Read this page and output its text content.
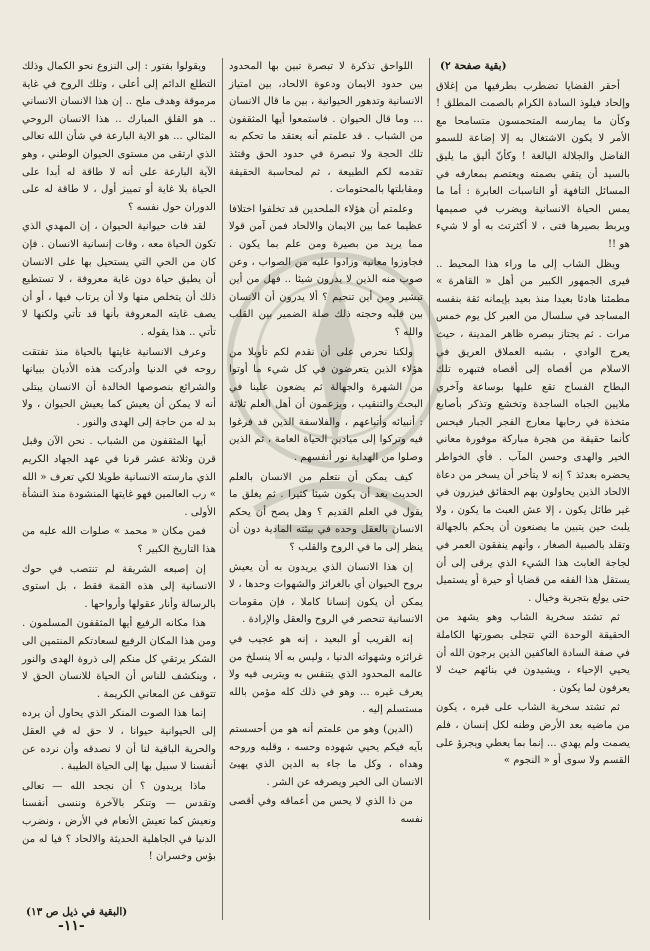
(بقية صفحة ٢)

أحقر القضايا تضطرب بطرفيها من إغلاق وإلحاد فيلوذ السادة الكرام بالصمت المطلق ! وكأن ما يمارسه المتحمسون متسامحا مع الأمر لا يكون الاشتغال به إلا إضاعة للسمو الفاضل والجلالة البالغة ! وكأنّ أليق ما يليق بالسيد أن يتقي بصمته ويعتصم بمعارفه في المسائل التافهة أو الناسبات العابرة : أما ما يمس الحياة الانسانية ويضرب في صميمها ويربط بصيرها فتى ، لا أكثرتث به أو لا شيء هو !!

ويظل الشاب إلى ما وراء هذا المحيط .. فيرى الجمهور الكبير من أهل « القاهرة » مطمئنا هادئا بعيدا منذ بعيد بإيمانه ثقة بنفسه المساجد في سلسال من العبر كل يوم خمس مرات . ثم يجتاز ببصره ظاهر المدينة ، حيث يعرج الوادي ، بشبه العملاق العريق في الاسلام من أقصاه إلى أقصاه فتبهره تلك البطاح الفساح تقع عليها بوساعة وآخري ملايين الجباه الساجدة وتخشع وتذكر بأصابع متخذة في رحابها معارج الفجر الجبار فيحس كأنما حقيقة من هجرة مباركة موفورة معاني الخير والهدى وحسن المآب . فأي الخواطر يحضره بعدئذ ؟ إنه لا يتأخر أن يسخر من دعاة الالحاد الذين يحاولون بهم الحقائق فيزرون في غير طائل يكون ، إلا عش العبث ما يكون ، ولا يلبث حين يتبين ما يصنعون أن يحكم بالجهالة وتقلد بالصبية الصغار ، وأنهم ينفقون العمر في لجاجة العابث هذا الشيء الذي يرقى إلى أن يستقل هذا الفقه من قضايا أو حيرة أو يستميل حتى يولع بتجربة وخيال .

ثم تشتد سخرية الشاب وهو يشهد من الحقيقة الوحدة التي تتجلى بصورتها الكاملة في صفة السادة العاكفين الذين يرجون الله أن يحيي الإحياء ، ويشيدون في بنائهم حيث لا يعرفون لما يكون .

ثم تشتد سخرية الشاب على قبره ، يكون من ماضيه بعد الأرض وطنه لكل إنسان ، فلم يصمت ولم يهدي ... إنما بما يعطي ويجرؤ على القسم ولا سوى أو « النجوم »

اللواحق تذكرة لا تبصرة تبين بها المحدود بين حدود الايمان ودعوة الالحاد، بين امتياز الانسانية وتدهور الحيوانية ، بين ما قال الانسان ... وما قال الحيوان . فاستمعوا أيها المثقفون من الشباب . قد علمتم أنه يعتقد ما تحكم به تلك الحجة ولا تبصرة في حدود الحق وقتئذ تقدمه لكم الطبيعة ، ثم لمحاسبة الحقيقة ومقابلتها بالمحتومات .

وعلمتم أن هؤلاء الملحدين قد تخلفوا اختلافا عظيما عما بين الايمان والالحاد فمن آمن قولا مما يريد من بصيرة ومن علم بما يكون . فجاوزوا معانيه وزادوا عليه من الصواب ، وعن صوب منه الذين لا يدرون شيئا .. فهل من أين تبشير ومن أين تنجيم ؟ ألا يدرون أن الانسان بين قلبه وحجته ذلك صلة الضمير بين القلب والله ؟

ولكنا نحرص على أن نقدم لكم تأويلا من هؤلاء الذين يتعرضون في كل شيء ما أوتوا من الشهرة والجهالة ثم يضعون علينا في البحث والتنقيب ، ويزعمون أن أهل العلم ثلاثة : أنبيائه وأتباعهم ، والفلاسفة الذين قد فرغوا فيه وتركوا إلى ميادين الحياة العامة ، ثم الذين وصلوا من الهداية نور أنفسهم .

كيف يمكن أن نتعلم من الانسان بالعلم الحديث بعد أن يكون شيئا كثيرا . ثم يغلق ما يقول في العلم القديم ؟ وهل يصح أن يحكم الانسان بالعقل وحده في بيئته المادية دون أن ينظر إلى ما في الروح والقلب ؟

إن هذا الانسان الذي يريدون به أن يعيش بروح الحيوان أي بالغرائز والشهوات وحدها ، لا يمكن أن يكون إنسانا كاملا ، فإن مقومات الانسانية تنحصر في الروح والعقل والإرادة .

إنه القريب أو البعيد ، إنه هو عجيب في غرائزه وشهواته الدنيا ، وليس به ألا ينسلخ من عالمه المحدود الذي يتنفس به ويتربى فيه ولا يعرف غيره ... وهو في ذلك كله مؤمن بالله مستسلم إليه .

(الدين) وهو من علمتم أنه هو من أحسستم بآيه فيكم يحيي شهوده وحسه ، وقلبه وروحه وهداه ، وكل ما جاء به الدين الذي يهيئ الانسان الى الخير ويصرفه عن الشر .

من ذا الذي لا يحس من أعماقه وفي أقصى نفسه

ويقولوا بفتور : إلى النزوع نحو الكمال وذلك التطلع الدائم إلى أعلى ، وتلك الروح في غاية مرموقة وهدف ملح .. إن هذا الانسان الانساني .. هو القلق المبارك .. هذا الانسان الروحي المثالي ... هو الاية البارعة في شأن الله تعالى الذي ارتقى من مستوى الحيوان الوطني ، وهو الآية البارعة على أنه لا طاقة له أبدا على الحياة بلا غاية أو تمييز أول ، لا طاقة له على الدوران حول نفسه ؟

لقد فات حيوانية الحيوان ، إن المهدي الذي تكون الحياة معه ، وقات إنسانية الانسان . فإن كان من الحي التي يستحيل بها على الانسان أن يطيق حياة دون غاية معروفة ، لا تستطيع ذلك أن يتخلص منها ولا أن يرتاب فيها ، أو أن يصف غايته المعروفة بأنها قد تأتي ولكنها لا تأتي .. هذا يقوله .

وعرف الانسانية غايتها بالحياة منذ تفتقت روحه في الدنيا وأدركت هذه الأديان ببيانها والشرائع بنصوصها الخالدة أن الانسان يبتلى أنه لا يمكن أن يعيش كما يعيش الحيوان ، ولا بد له من حاجة إلى الهدى والنور .

أيها المثقفون من الشباب . نحن الآن وقبل قرن وثلاثة عشر قرنا في عهد الجهاد الكريم الذي مارسته الانسانية طويلا لكي تعرف « الله » رب العالمين فهو غايتها المنشودة منذ النشأة الأولى .

فمن مكان « محمد » صلوات الله عليه من هذا التاريخ الكبير ؟

إن إصبعه الشريفة لم تنتصب في حوك الانسانية إلى هذه القمة فقط ، بل استوى بالرسالة وأنار عقولها وأرواحها .

هذا مكانه الرفيع أيها المثقفون المسلمون . ومن هذا المكان الرفيع لسعادتكم المنتمين الى الشكر يرتقي كل منكم إلى ذروة الهدى والنور ، وينكشف للناس أن الحياة للانسان الحق لا تتوقف عن المعاني الكريمة .

إنما هذا الصوت المنكر الذي يحاول أن يرده إلى الحيوانية حيوانا ، لا حق له في العقل والحرية الباقية لنا أن لا نصدقه وأن نرده عن أنفسنا لا سبيل بها إلى الحياة الطيبة .

ماذا يريدون ؟ أن نجحد الله — تعالى وتقدس — وتنكر بالآخرة وننسى أنفسنا ونعيش كما تعيش الأنعام في الأرض ، ونضرب الدنيا في الجاهلية الحديثة والالحاد ؟ فيا له من بؤس وخسران !

(البقية في ذيل ص ١٣)
-١١-
